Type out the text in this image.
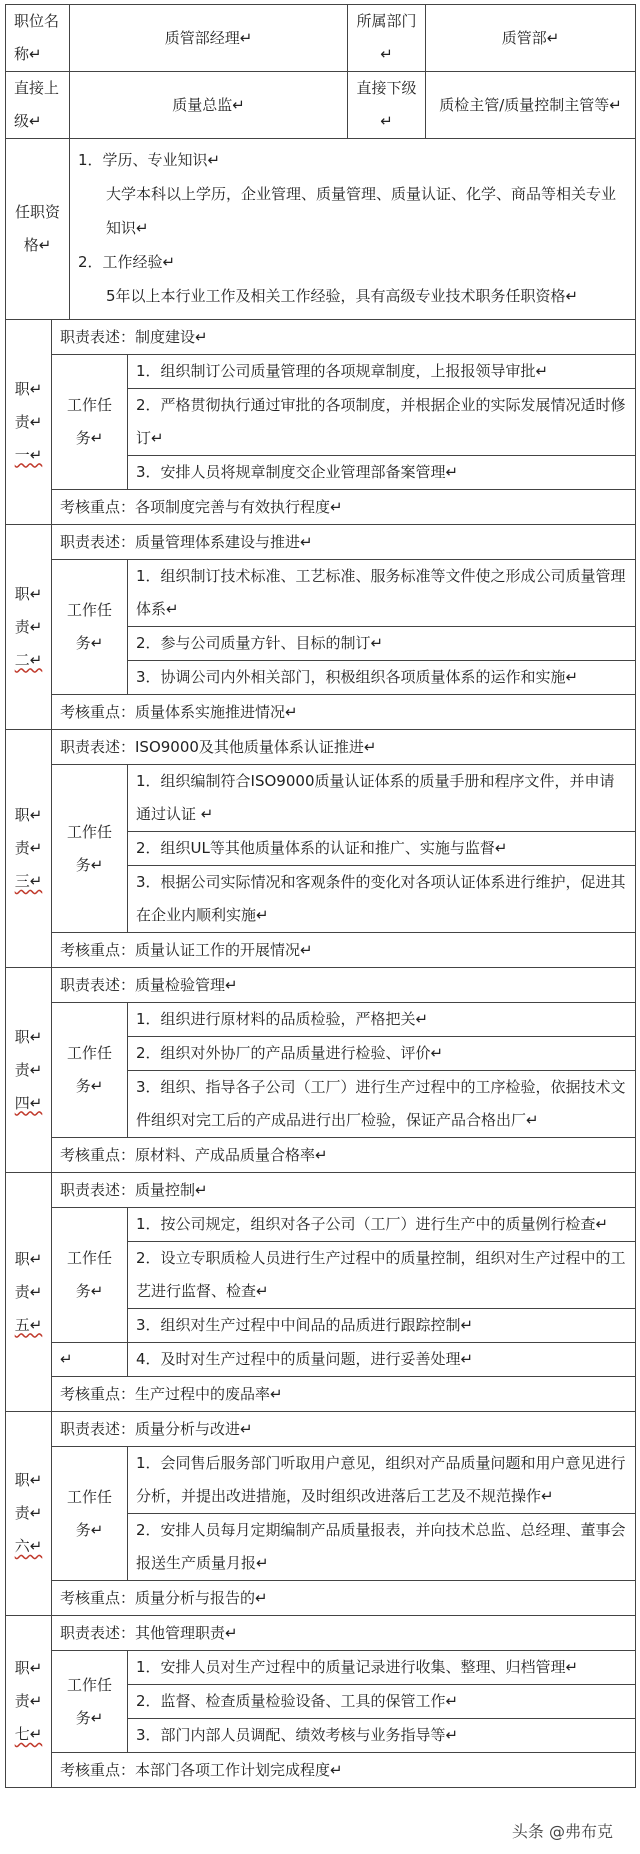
职位名称↵		质管部经理↵		所属部门↵	质管部↵
直接上级↵		质量总监↵		直接下级↵	质检主管/质量控制主管等↵
任职资格↵		1．学历、专业知识↵

大学本科以上学历，企业管理、质量管理、质量认证、化学、商品等相关专业知识↵

2．工作经验↵

5年以上本行业工作及相关工作经验，具有高级专业技术职务任职资格↵			

职↵
责↵
一↵	职责表述：制度建设↵				
	工作任务↵		1．组织制订公司质量管理的各项规章制度，上报报领导审批↵		
			2．严格贯彻执行通过审批的各项制度，并根据企业的实际发展情况适时修订↵		
			3．安排人员将规章制度交企业管理部备案管理↵		
	考核重点：各项制度完善与有效执行程度↵				

职↵
责↵
二↵	职责表述：质量管理体系建设与推进↵				
	工作任务↵		1．组织制订技术标准、工艺标准、服务标准等文件使之形成公司质量管理体系↵		
			2．参与公司质量方针、目标的制订↵		
			3．协调公司内外相关部门，积极组织各项质量体系的运作和实施↵		
	考核重点：质量体系实施推进情况↵				

职↵
责↵
三↵	职责表述：ISO9000及其他质量体系认证推进↵				
	工作任务↵		1．组织编制符合ISO9000质量认证体系的质量手册和程序文件，并申请通过认证 ↵		
			2．组织UL等其他质量体系的认证和推广、实施与监督↵		
			3．根据公司实际情况和客观条件的变化对各项认证体系进行维护，促进其在企业内顺利实施↵		
	考核重点：质量认证工作的开展情况↵				

职↵
责↵
四↵	职责表述：质量检验管理↵				
	工作任务↵		1．组织进行原材料的品质检验，严格把关↵		
			2．组织对外协厂的产品质量进行检验、评价↵		
			3．组织、指导各子公司（工厂）进行生产过程中的工序检验，依据技术文件组织对完工后的产成品进行出厂检验，保证产品合格出厂↵		
	考核重点：原材料、产成品质量合格率↵				

职↵
责↵
五↵	职责表述：质量控制↵				
	工作任务↵		1．按公司规定，组织对各子公司（工厂）进行生产中的质量例行检查↵		
			2．设立专职质检人员进行生产过程中的质量控制，组织对生产过程中的工艺进行监督、检查↵		
			3．组织对生产过程中中间品的品质进行跟踪控制↵		
	↵		4．及时对生产过程中的质量问题，进行妥善处理↵		
	考核重点：生产过程中的废品率↵				

职↵
责↵
六↵	职责表述：质量分析与改进↵				
	工作任务↵		1．会同售后服务部门听取用户意见，组织对产品质量问题和用户意见进行分析，并提出改进措施，及时组织改进落后工艺及不规范操作↵		
			2．安排人员每月定期编制产品质量报表，并向技术总监、总经理、董事会报送生产质量月报↵		
	考核重点：质量分析与报告的↵				

职↵
责↵
七↵	职责表述：其他管理职责↵				
	工作任务↵		1．安排人员对生产过程中的质量记录进行收集、整理、归档管理↵		
			2．监督、检查质量检验设备、工具的保管工作↵		
			3．部门内部人员调配、绩效考核与业务指导等↵		
	考核重点：本部门各项工作计划完成程度↵				
头条 @弗布克
